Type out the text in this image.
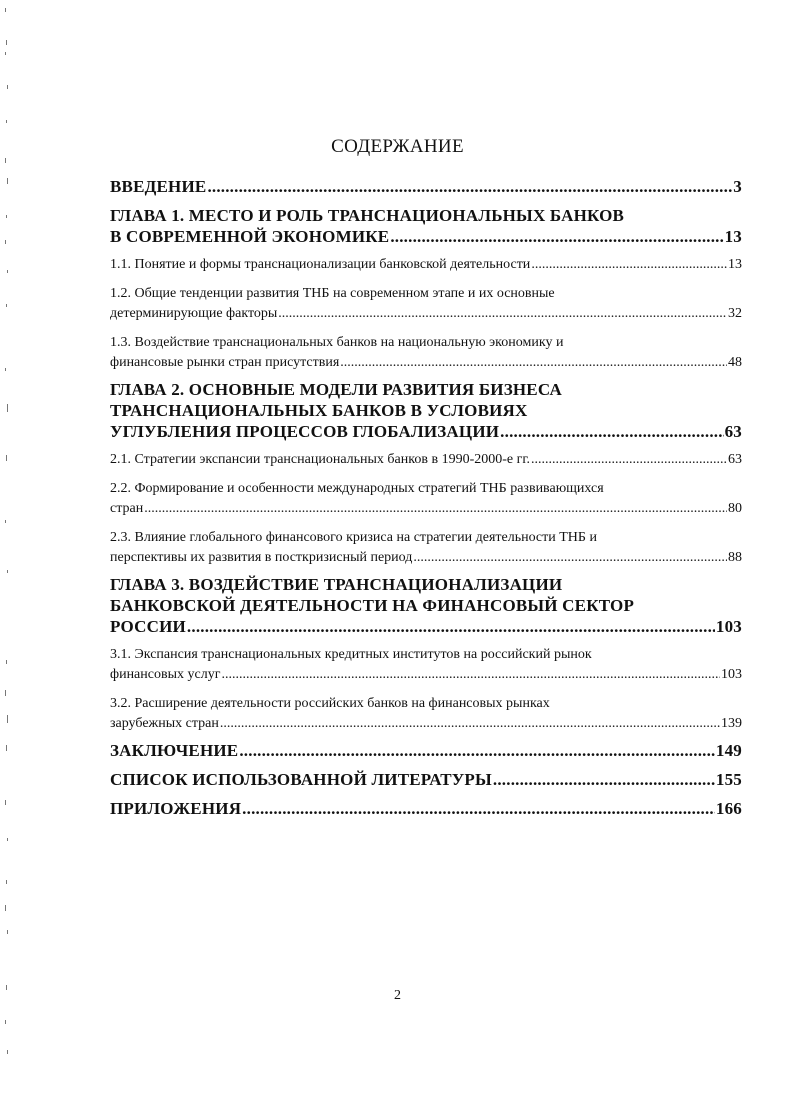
СОДЕРЖАНИЕ
ВВЕДЕНИЕ .....	3
ГЛАВА 1. МЕСТО И РОЛЬ ТРАНСНАЦИОНАЛЬНЫХ БАНКОВ
В СОВРЕМЕННОЙ ЭКОНОМИКЕ .....	13
1.1. Понятие и формы транснационализации банковской деятельности .....	13
1.2. Общие тенденции развития ТНБ на современном этапе и их основные
детерминирующие факторы .....	32
1.3. Воздействие транснациональных банков на национальную экономику и
финансовые рынки стран присутствия .....	48
ГЛАВА 2. ОСНОВНЫЕ МОДЕЛИ РАЗВИТИЯ БИЗНЕСА
ТРАНСНАЦИОНАЛЬНЫХ БАНКОВ В УСЛОВИЯХ
УГЛУБЛЕНИЯ ПРОЦЕССОВ ГЛОБАЛИЗАЦИИ .....	63
2.1. Стратегии экспансии транснациональных банков в 1990-2000-е гг. .....	63
2.2. Формирование и особенности международных стратегий ТНБ развивающихся
стран .....	80
2.3. Влияние глобального финансового кризиса на стратегии деятельности ТНБ и
перспективы их развития в посткризисный период .....	88
ГЛАВА 3. ВОЗДЕЙСТВИЕ ТРАНСНАЦИОНАЛИЗАЦИИ
БАНКОВСКОЙ ДЕЯТЕЛЬНОСТИ НА ФИНАНСОВЫЙ СЕКТОР
РОССИИ .....	103
3.1. Экспансия транснациональных кредитных институтов на российский рынок
финансовых услуг .....	103
3.2. Расширение деятельности российских банков на финансовых рынках
зарубежных стран .....	139
ЗАКЛЮЧЕНИЕ .....	149
СПИСОК ИСПОЛЬЗОВАННОЙ ЛИТЕРАТУРЫ .....	155
ПРИЛОЖЕНИЯ .....	166
2
